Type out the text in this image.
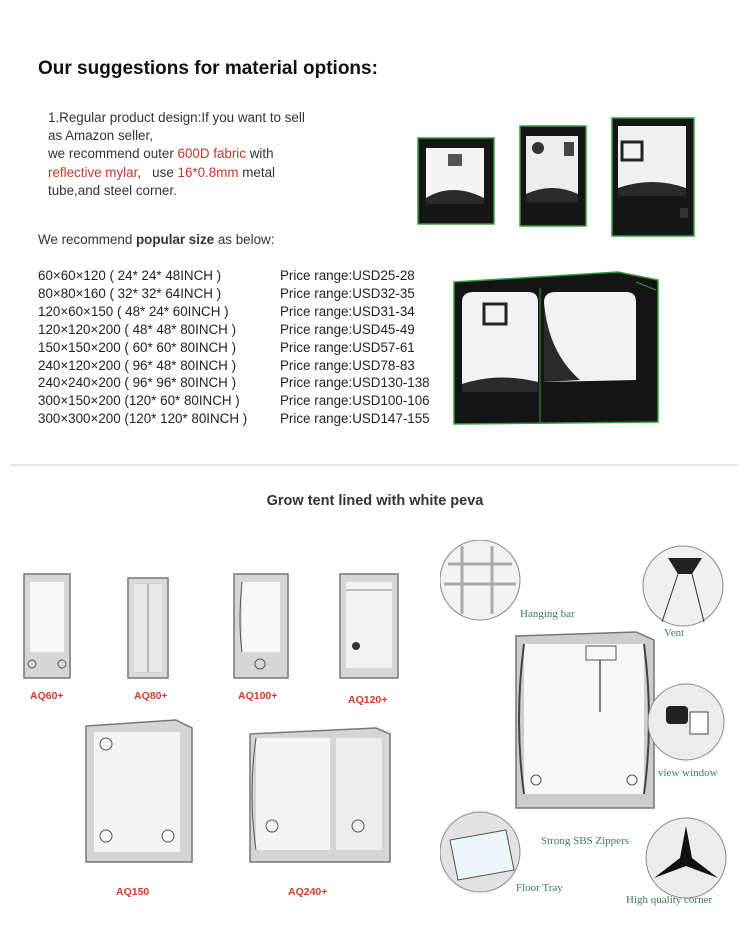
Our suggestions for material options:
1.Regular product design:If you want to sell
as Amazon seller,
we recommend outer 600D fabric with
reflective mylar,   use 16*0.8mm metal
tube,and steel corner.
We recommend popular size as below:
60×60×120 ( 24* 24* 48INCH )	Price range: USD25-28
80×80×160 ( 32* 32* 64INCH )	Price range: USD32-35
120×60×150 ( 48* 24* 60INCH )	Price range: USD31-34
120×120×200 ( 48* 48* 80INCH )	Price range: USD45-49
150×150×200 ( 60* 60* 80INCH )	Price range: USD57-61
240×120×200 ( 96* 48* 80INCH )	Price range: USD78-83
240×240×200 ( 96* 96* 80INCH )	Price range: USD130-138
300×150×200 (120* 60* 80INCH )	Price range: USD100-106
300×300×200 (120* 120* 80INCH )	Price range: USD147-155
Grow tent lined with white peva
AQ60+	AQ80+	AQ100+	AQ120+
AQ150	AQ240+
Hanging bar
Vent
view window
Strong SBS Zippers
Floor Tray
High quality corner
